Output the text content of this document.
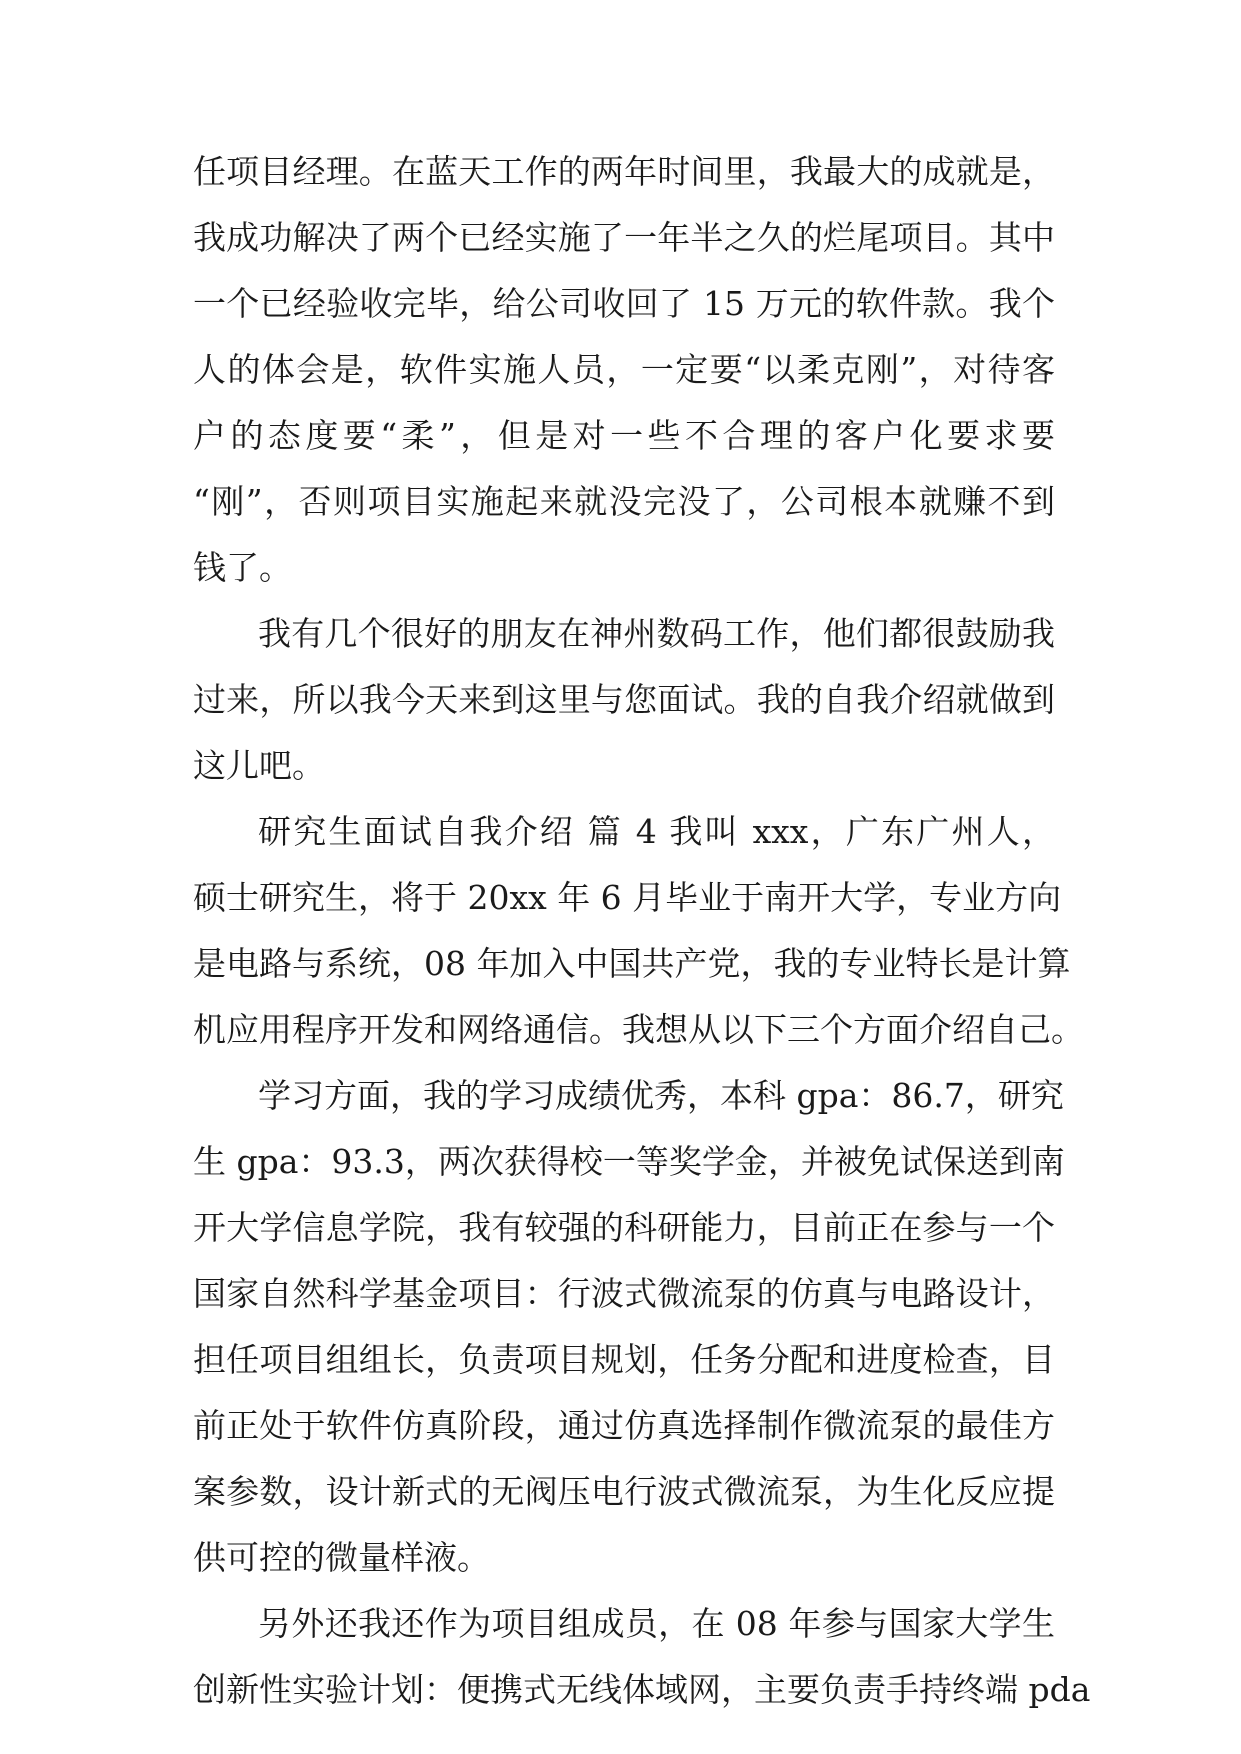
任项目经理。在蓝天工作的两年时间里，我最大的成就是，
我成功解决了两个已经实施了一年半之久的烂尾项目。其中
一个已经验收完毕，给公司收回了 15 万元的软件款。我个
人的体会是，软件实施人员，一定要“以柔克刚”，对待客
户的态度要“柔”，但是对一些不合理的客户化要求要
“刚”，否则项目实施起来就没完没了，公司根本就赚不到
钱了。
我有几个很好的朋友在神州数码工作，他们都很鼓励我
过来，所以我今天来到这里与您面试。我的自我介绍就做到
这儿吧。
研究生面试自我介绍 篇 4 我叫 xxx，广东广州人，
硕士研究生，将于 20xx 年 6 月毕业于南开大学，专业方向
是电路与系统，08 年加入中国共产党，我的专业特长是计算
机应用程序开发和网络通信。我想从以下三个方面介绍自己。
学习方面，我的学习成绩优秀，本科 gpa：86.7，研究
生 gpa：93.3，两次获得校一等奖学金，并被免试保送到南
开大学信息学院，我有较强的科研能力，目前正在参与一个
国家自然科学基金项目：行波式微流泵的仿真与电路设计，
担任项目组组长，负责项目规划，任务分配和进度检查，目
前正处于软件仿真阶段，通过仿真选择制作微流泵的最佳方
案参数，设计新式的无阀压电行波式微流泵，为生化反应提
供可控的微量样液。
另外还我还作为项目组成员，在 08 年参与国家大学生
创新性实验计划：便携式无线体域网，主要负责手持终端 pda
